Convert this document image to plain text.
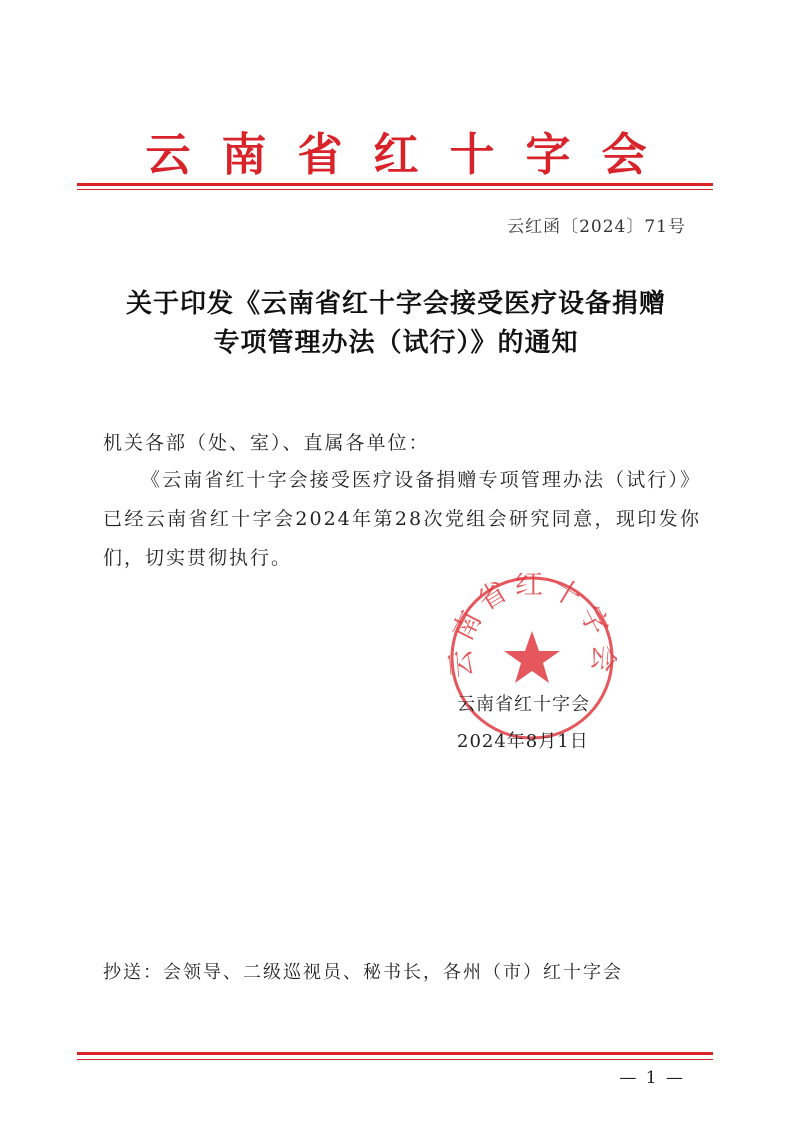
云南省红十字会
云红函〔2024〕71号
关于印发《云南省红十字会接受医疗设备捐赠
专项管理办法（试行）》的通知
机关各部（处、室）、直属各单位：
《云南省红十字会接受医疗设备捐赠专项管理办法（试行）》已经云南省红十字会2024年第28次党组会研究同意，现印发你们，切实贯彻执行。
南省红十字
云南省红十字会
2024年8月1日
抄送：会领导、二级巡视员、秘书长，各州（市）红十字会
— 1 —
